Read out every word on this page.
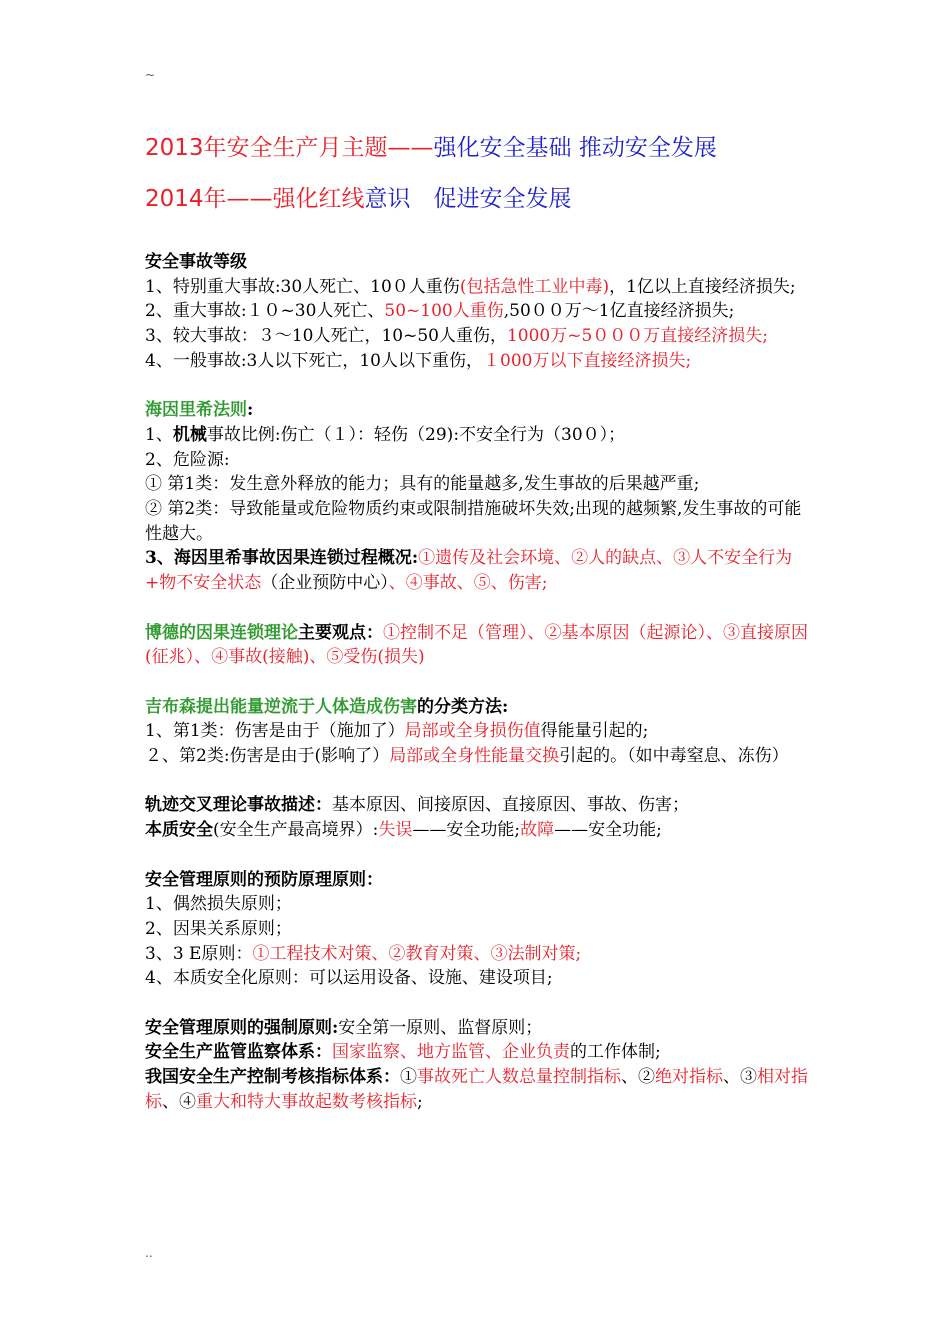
~
2013年安全生产月主题——强化安全基础 推动安全发展
2014年——强化红线意识　促进安全发展

安全事故等级

1、特别重大事故:30人死亡、10０人重伤(包括急性工业中毒)，1亿以上直接经济损失;

2、重大事故:１０~30人死亡、50~100人重伤,50００万～1亿直接经济损失;

3、较大事故：３～10人死亡，10~50人重伤，1000万~5０００万直接经济损失;

4、一般事故:3人以下死亡，10人以下重伤，１000万以下直接经济损失;

海因里希法则:

1、机械事故比例:伤亡（１）：轻伤（29):不安全行为（30０）；

2、危险源:

① 第1类：发生意外释放的能力；具有的能量越多,发生事故的后果越严重;

② 第2类：导致能量或危险物质约束或限制措施破坏失效;出现的越频繁,发生事故的可能性越大。

3、海因里希事故因果连锁过程概况:①遗传及社会环境、②人的缺点、③人不安全行为+物不安全状态（企业预防中心）、④事故、⑤、伤害;

博德的因果连锁理论主要观点：①控制不足（管理）、②基本原因（起源论）、③直接原因(征兆）、④事故(接触)、⑤受伤(损失)

吉布森提出能量逆流于人体造成伤害的分类方法:

1、第1类：伤害是由于（施加了）局部或全身损伤值得能量引起的;

２、第2类:伤害是由于(影响了）局部或全身性能量交换引起的。（如中毒窒息、冻伤）

轨迹交叉理论事故描述：基本原因、间接原因、直接原因、事故、伤害；

本质安全(安全生产最高境界）:失误——安全功能;故障——安全功能;

安全管理原则的预防原理原则：

1、偶然损失原则；

2、因果关系原则；

3、3 E原则：①工程技术对策、②教育对策、③法制对策;

4、本质安全化原则：可以运用设备、设施、建设项目;

安全管理原则的强制原则:安全第一原则、监督原则；

安全生产监管监察体系：国家监察、地方监管、企业负责的工作体制;

我国安全生产控制考核指标体系：①事故死亡人数总量控制指标、②绝对指标、③相对指标、④重大和特大事故起数考核指标;

..
